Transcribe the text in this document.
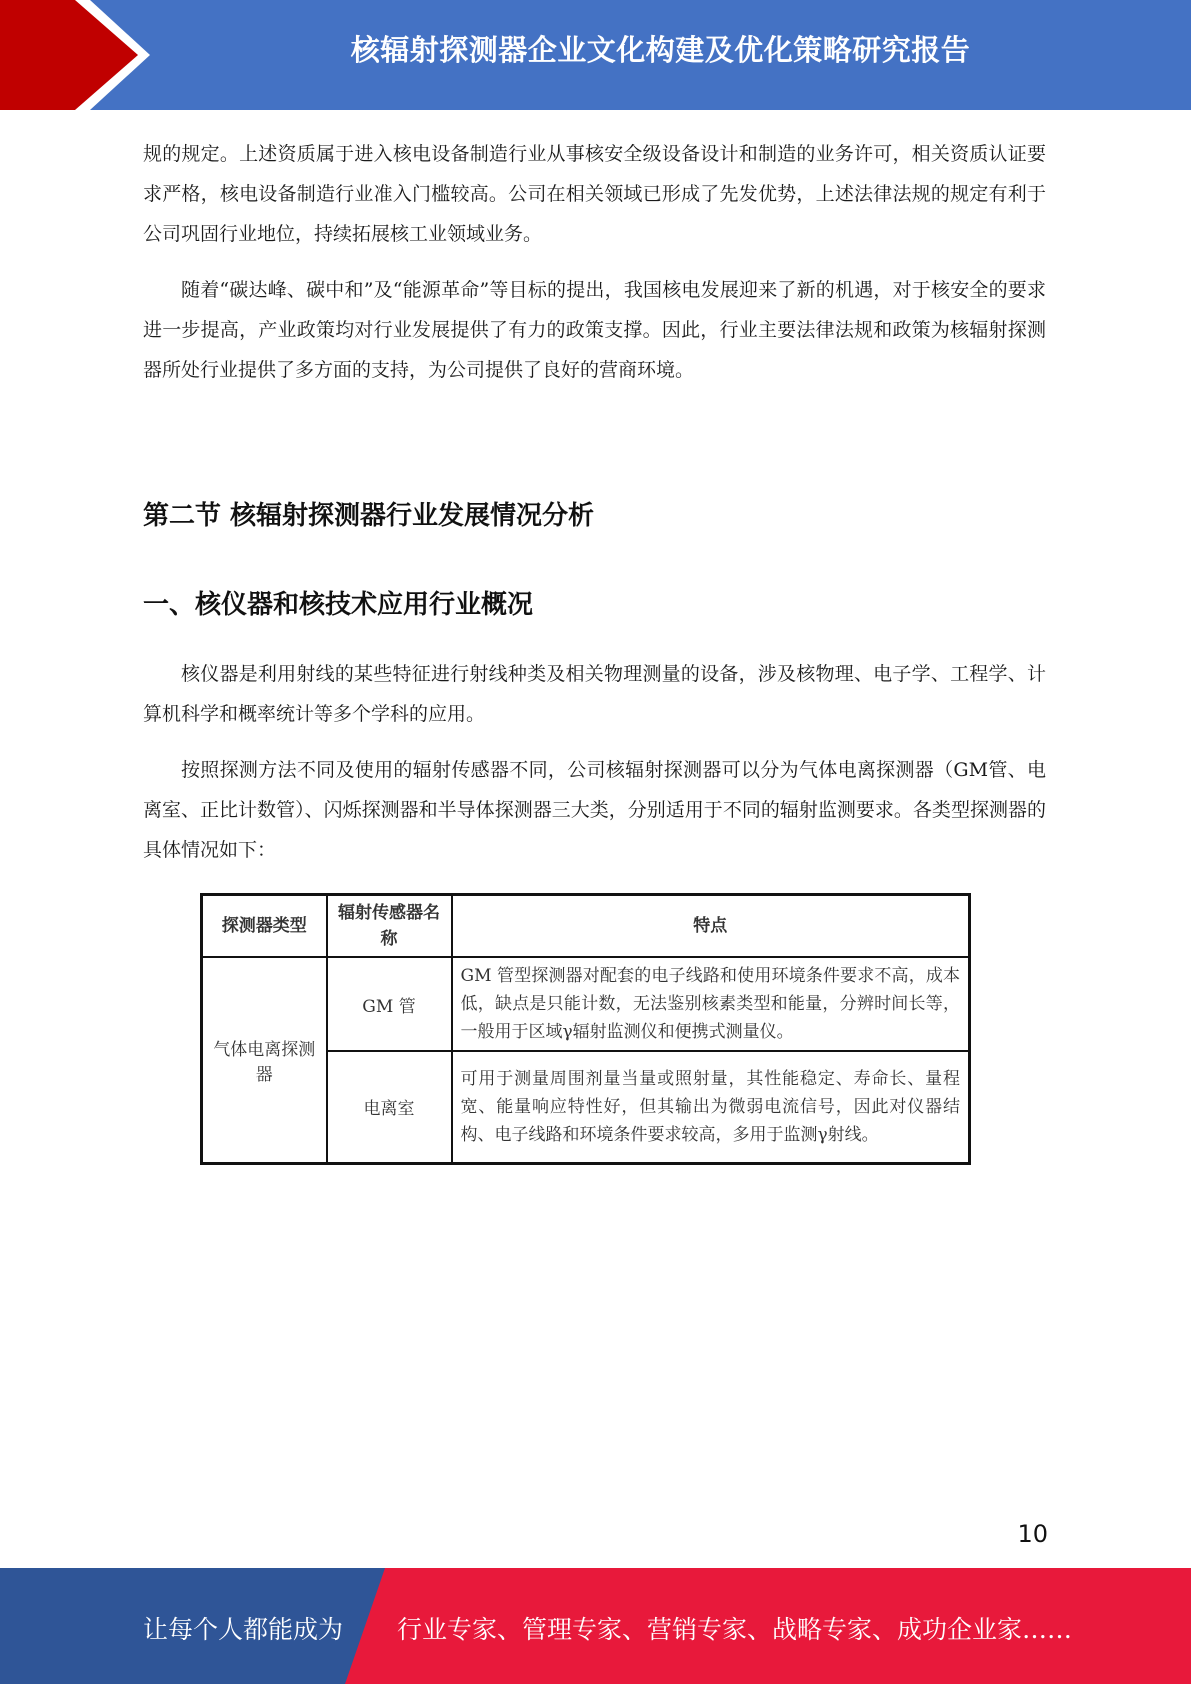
核辐射探测器企业文化构建及优化策略研究报告

规的规定。上述资质属于进入核电设备制造行业从事核安全级设备设计和制造的业务许可，相关资质认证要求严格，核电设备制造行业准入门槛较高。公司在相关领域已形成了先发优势，上述法律法规的规定有利于公司巩固行业地位，持续拓展核工业领域业务。

随着“碳达峰、碳中和”及“能源革命”等目标的提出，我国核电发展迎来了新的机遇，对于核安全的要求进一步提高，产业政策均对行业发展提供了有力的政策支撑。因此，行业主要法律法规和政策为核辐射探测器所处行业提供了多方面的支持，为公司提供了良好的营商环境。

第二节 核辐射探测器行业发展情况分析
一、核仪器和核技术应用行业概况

核仪器是利用射线的某些特征进行射线种类及相关物理测量的设备，涉及核物理、电子学、工程学、计算机科学和概率统计等多个学科的应用。

按照探测方法不同及使用的辐射传感器不同，公司核辐射探测器可以分为气体电离探测器（GM管、电离室、正比计数管）、闪烁探测器和半导体探测器三大类，分别适用于不同的辐射监测要求。各类型探测器的具体情况如下：

探测器类型	辐射传感器名称	特点
气体电离探测器	GM 管	GM 管型探测器对配套的电子线路和使用环境条件要求不高，成本低，缺点是只能计数，无法鉴别核素类型和能量，分辨时间长等，一般用于区域γ辐射监测仪和便携式测量仪。
	电离室	可用于测量周围剂量当量或照射量，其性能稳定、寿命长、量程宽、能量响应特性好，但其输出为微弱电流信号，因此对仪器结构、电子线路和环境条件要求较高，多用于监测γ射线。
10
让每个人都能成为 行业专家、管理专家、营销专家、战略专家、成功企业家……
